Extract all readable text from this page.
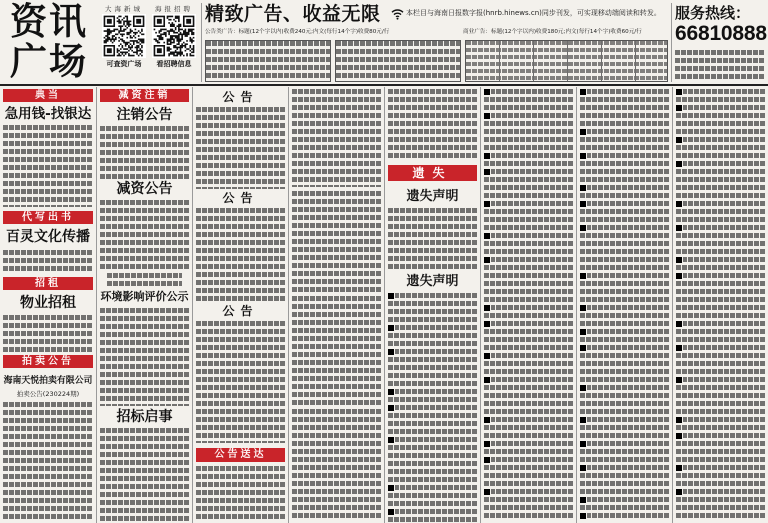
资讯
广场
大海新城
可查资广场
海报招聘
看招聘信息
精致广告、收益无限	本栏目与海南日报数字报(hnrb.hinews.cn)同步刊发，可实现移动端阅读和转发。
公告类广告：标题(12个字以内)收费240元;内文(每行14个字)收费80元/行	商业广告：标题(12个字以内)收费180元;内文(每行14个字)收费60元/行
服务热线：
66810888
典当
急用钱-找银达
代写出书
百灵文化传播
招租
物业招租
拍卖公告
海南天悦拍卖有限公司
拍卖公告(230224期)
减资注销
注销公告
减资公告
环境影响评价公示
招标启事
公告
公告
公告
公告送达
遗失
遗失声明
遗失声明
